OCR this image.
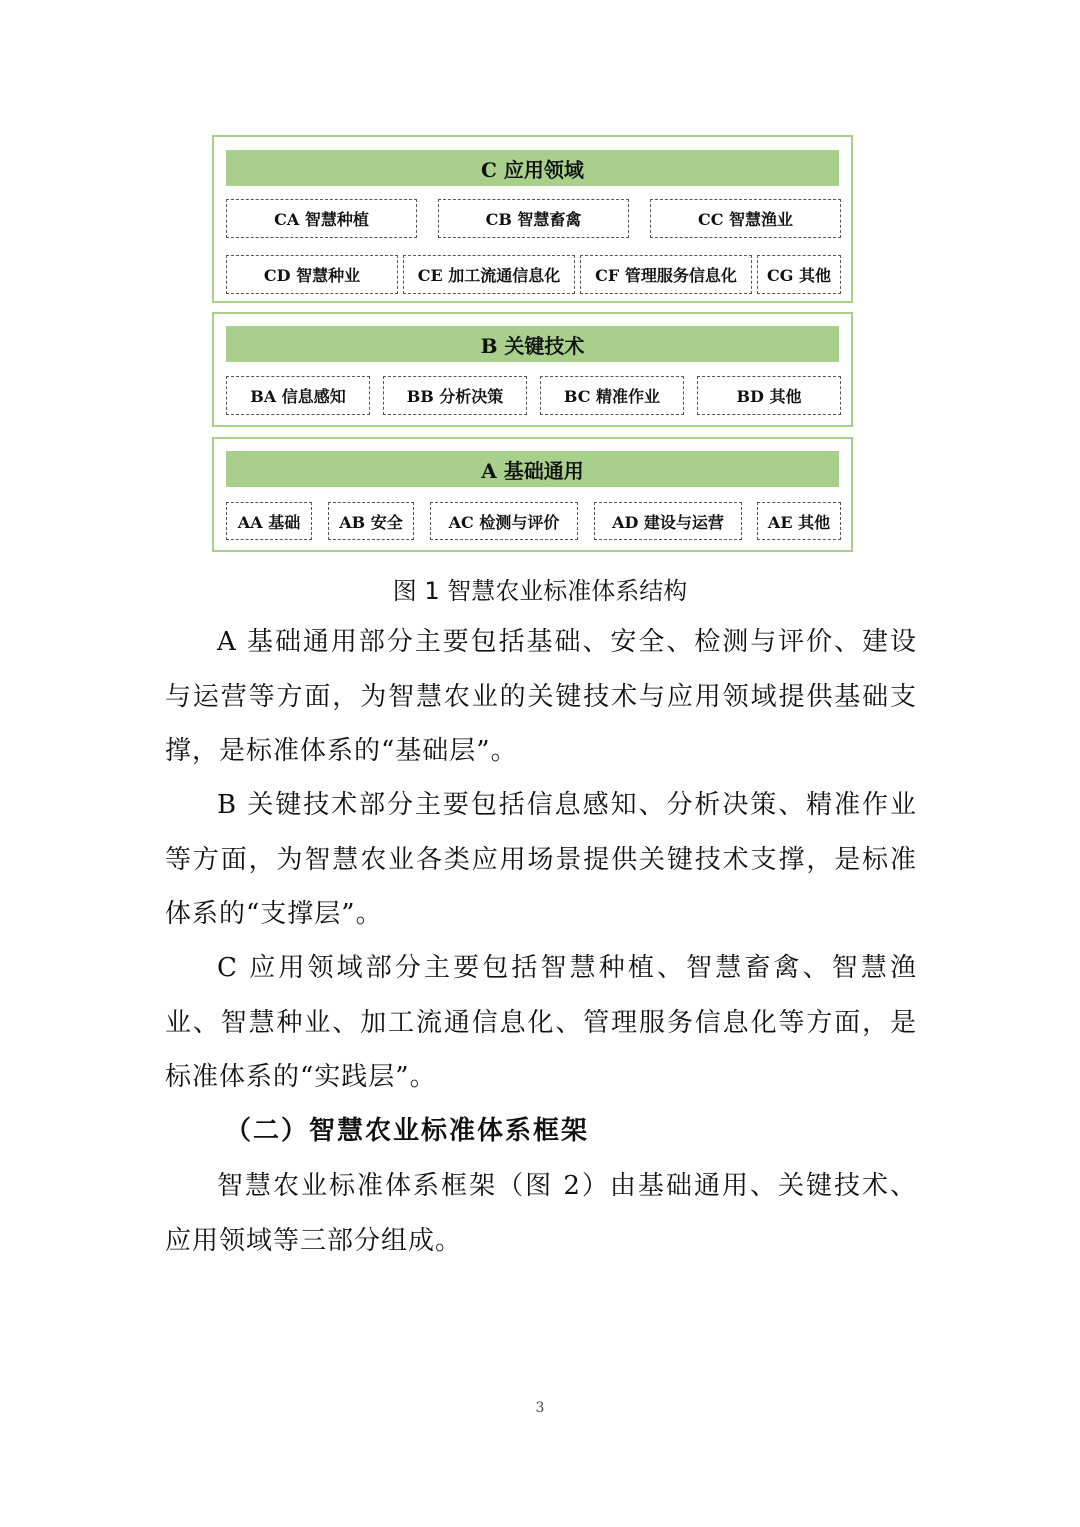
C 应用领域
CA 智慧种植	CB 智慧畜禽	CC 智慧渔业
CD 智慧种业	CE 加工流通信息化	CF 管理服务信息化	CG 其他
B 关键技术
BA 信息感知	BB 分析决策	BC 精准作业	BD 其他
A 基础通用
AA 基础	AB 安全	AC 检测与评价	AD 建设与运营	AE 其他
图 1 智慧农业标准体系结构

A 基础通用部分主要包括基础、安全、检测与评价、建设与运营等方面，为智慧农业的关键技术与应用领域提供基础支撑，是标准体系的“基础层”。

B 关键技术部分主要包括信息感知、分析决策、精准作业等方面，为智慧农业各类应用场景提供关键技术支撑，是标准体系的“支撑层”。

C 应用领域部分主要包括智慧种植、智慧畜禽、智慧渔业、智慧种业、加工流通信息化、管理服务信息化等方面，是标准体系的“实践层”。

（二）智慧农业标准体系框架

智慧农业标准体系框架（图 2）由基础通用、关键技术、应用领域等三部分组成。

3
